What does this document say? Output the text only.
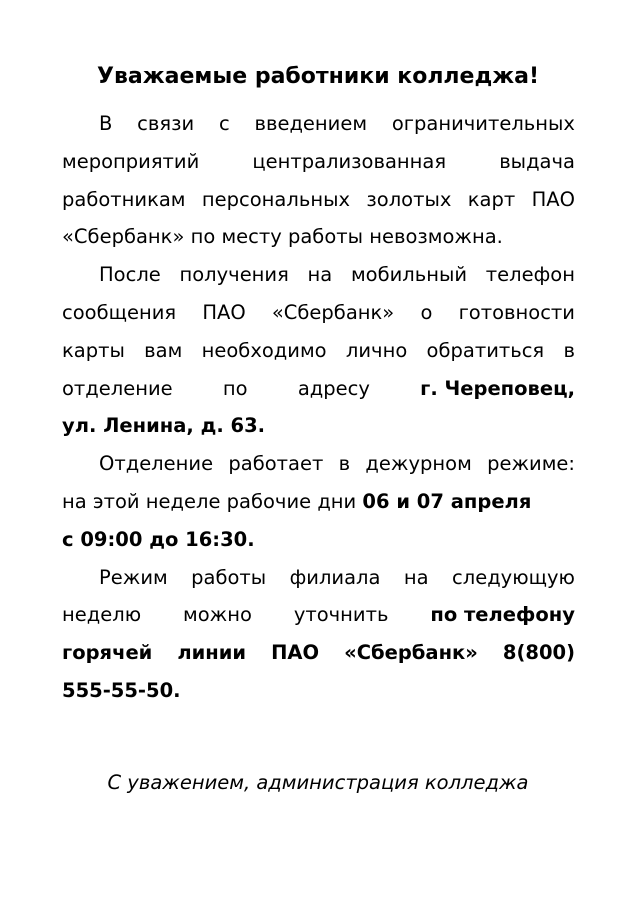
Уважаемые работники колледжа!
В связи с введением ограничительных
мероприятий	централизованная	выдача
работникам персональных золотых карт ПАО
«Сбербанк» по месту работы невозможна.
После получения на мобильный телефон
сообщения ПАО «Сбербанк» о готовности
карты вам необходимо лично обратиться в
отделение	по	адресу	г. Череповец,
ул. Ленина, д. 63.
Отделение работает в дежурном режиме:
на этой неделе рабочие дни 06 и 07 апреля
с 09:00 до 16:30.
Режим работы филиала на следующую
неделю можно уточнить по телефону
горячей линии ПАО «Сбербанк» 8(800)
555-55-50.

С уважением, администрация колледжа
